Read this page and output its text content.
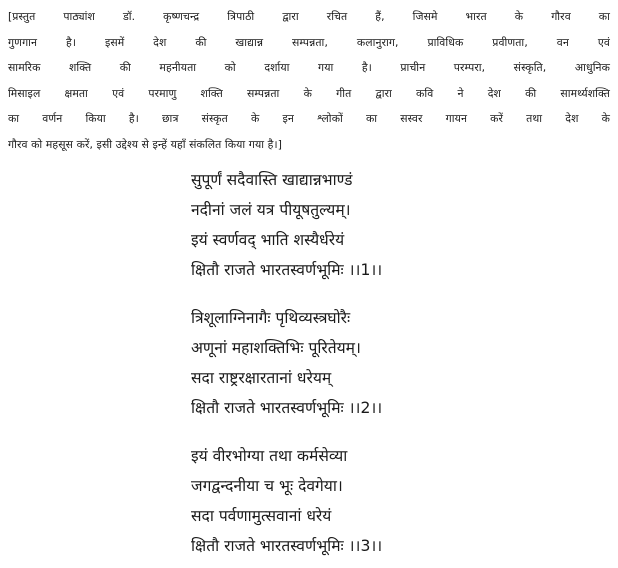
[प्रस्तुत पाठ्यांश डॉ. कृष्णचन्द्र त्रिपाठी द्वारा रचित हैं, जिसमे भारत के गौरव का
गुणगान है। इसमें देश की खाद्यान्न सम्पन्नता, कलानुराग, प्राविधिक प्रवीणता, वन एवं
सामरिक शक्ति की महनीयता को दर्शाया गया है। प्राचीन परम्परा, संस्कृति, आधुनिक
मिसाइल क्षमता एवं परमाणु शक्ति सम्पन्नता के गीत द्वारा कवि ने देश की सामर्थ्यशक्ति
का वर्णन किया है। छात्र संस्कृत के इन श्लोकों का सस्वर गायन करें तथा देश के
गौरव को महसूस करें, इसी उद्देश्य से इन्हें यहाँ संकलित किया गया है।]
सुपूर्णं सदैवास्ति खाद्यान्नभाण्डं
नदीनां जलं यत्र पीयूषतुल्यम्।
इयं स्वर्णवद् भाति शस्यैर्धरेयं
क्षितौ राजते भारतस्वर्णभूमिः ।।1।।
त्रिशूलाग्निनागैः पृथिव्यस्त्रघोरैः
अणूनां महाशक्तिभिः पूरितेयम्।
सदा राष्ट्ररक्षारतानां धरेयम्
क्षितौ राजते भारतस्वर्णभूमिः ।।2।।
इयं वीरभोग्या तथा कर्मसेव्या
जगद्वन्दनीया च भूः देवगेया।
सदा पर्वणामुत्सवानां धरेयं
क्षितौ राजते भारतस्वर्णभूमिः ।।3।।
